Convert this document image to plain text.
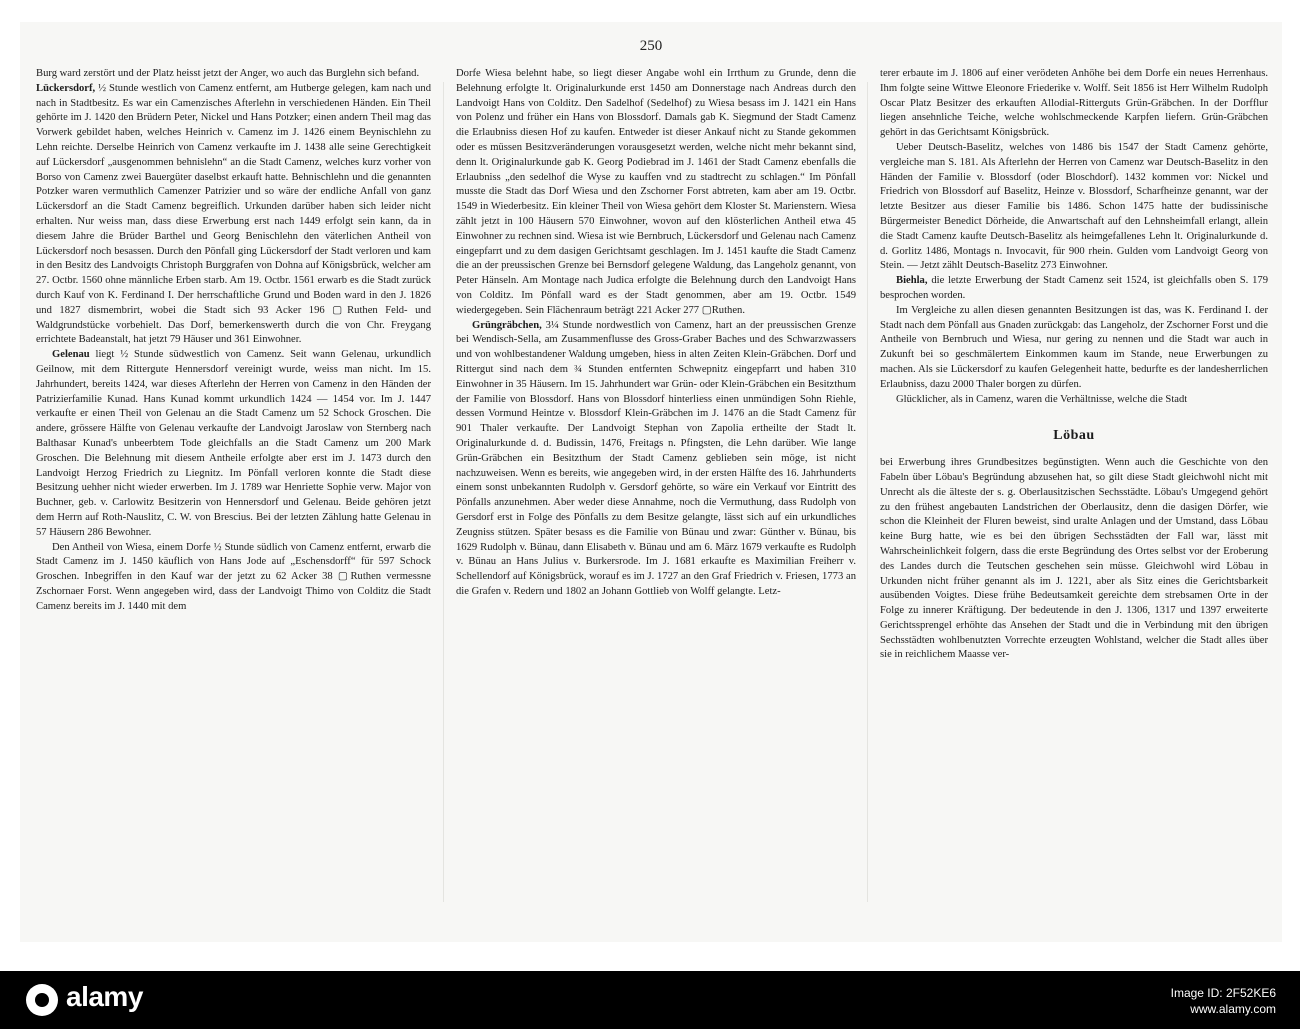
250

Burg ward zerstört und der Platz heisst jetzt der Anger, wo auch das Burglehn sich befand.

Lückersdorf, ½ Stunde westlich von Camenz entfernt, am Hutberge gelegen, kam nach und nach in Stadtbesitz. Es war ein Camenzisches Afterlehn in verschiedenen Händen. Ein Theil gehörte im J. 1420 den Brüdern Peter, Nickel und Hans Potzker; einen andern Theil mag das Vorwerk gebildet haben, welches Heinrich v. Camenz im J. 1426 einem Beynischlehn zu Lehn reichte. Derselbe Heinrich von Camenz verkaufte im J. 1438 alle seine Gerechtigkeit auf Lückersdorf „ausgenommen behnislehn“ an die Stadt Camenz, welches kurz vorher von Borso von Camenz zwei Bauergüter daselbst erkauft hatte. Behnischlehn und die genannten Potzker waren vermuthlich Camenzer Patrizier und so wäre der endliche Anfall von ganz Lückersdorf an die Stadt Camenz begreiflich. Urkunden darüber haben sich leider nicht erhalten. Nur weiss man, dass diese Erwerbung erst nach 1449 erfolgt sein kann, da in diesem Jahre die Brüder Barthel und Georg Benischlehn den väterlichen Antheil von Lückersdorf noch besassen. Durch den Pönfall ging Lückersdorf der Stadt verloren und kam in den Besitz des Landvoigts Christoph Burggrafen von Dohna auf Königsbrück, welcher am 27. Octbr. 1560 ohne männliche Erben starb. Am 19. Octbr. 1561 erwarb es die Stadt zurück durch Kauf von K. Ferdinand I. Der herrschaftliche Grund und Boden ward in den J. 1826 und 1827 dismembrirt, wobei die Stadt sich 93 Acker 196 ▢Ruthen Feld- und Waldgrundstücke vorbehielt. Das Dorf, bemerkenswerth durch die von Chr. Freygang errichtete Badeanstalt, hat jetzt 79 Häuser und 361 Einwohner.

Gelenau liegt ½ Stunde südwestlich von Camenz. Seit wann Gelenau, urkundlich Geilnow, mit dem Rittergute Hennersdorf vereinigt wurde, weiss man nicht. Im 15. Jahrhundert, bereits 1424, war dieses Afterlehn der Herren von Camenz in den Händen der Patrizierfamilie Kunad. Hans Kunad kommt urkundlich 1424 — 1454 vor. Im J. 1447 verkaufte er einen Theil von Gelenau an die Stadt Camenz um 52 Schock Groschen. Die andere, grössere Hälfte von Gelenau verkaufte der Landvoigt Jaroslaw von Sternberg nach Balthasar Kunad's unbeerbtem Tode gleichfalls an die Stadt Camenz um 200 Mark Groschen. Die Belehnung mit diesem Antheile erfolgte aber erst im J. 1473 durch den Landvoigt Herzog Friedrich zu Liegnitz. Im Pönfall verloren konnte die Stadt diese Besitzung uehher nicht wieder erwerben. Im J. 1789 war Henriette Sophie verw. Major von Buchner, geb. v. Carlowitz Besitzerin von Hennersdorf und Gelenau. Beide gehören jetzt dem Herrn auf Roth-Nauslitz, C. W. von Brescius. Bei der letzten Zählung hatte Gelenau in 57 Häusern 286 Bewohner.

Den Antheil von Wiesa, einem Dorfe ½ Stunde südlich von Camenz entfernt, erwarb die Stadt Camenz im J. 1450 käuflich von Hans Jode auf „Eschensdorff“ für 597 Schock Groschen. Inbegriffen in den Kauf war der jetzt zu 62 Acker 38 ▢Ruthen vermessne Zschornaer Forst. Wenn angegeben wird, dass der Landvoigt Thimo von Colditz die Stadt Camenz bereits im J. 1440 mit dem

Dorfe Wiesa belehnt habe, so liegt dieser Angabe wohl ein Irrthum zu Grunde, denn die Belehnung erfolgte lt. Originalurkunde erst 1450 am Donnerstage nach Andreas durch den Landvoigt Hans von Colditz. Den Sadelhof (Sedelhof) zu Wiesa besass im J. 1421 ein Hans von Polenz und früher ein Hans von Blossdorf. Damals gab K. Siegmund der Stadt Camenz die Erlaubniss diesen Hof zu kaufen. Entweder ist dieser Ankauf nicht zu Stande gekommen oder es müssen Besitzveränderungen vorausgesetzt werden, welche nicht mehr bekannt sind, denn lt. Originalurkunde gab K. Georg Podiebrad im J. 1461 der Stadt Camenz ebenfalls die Erlaubniss „den sedelhof die Wyse zu kauffen vnd zu stadtrecht zu schlagen.“ Im Pönfall musste die Stadt das Dorf Wiesa und den Zschorner Forst abtreten, kam aber am 19. Octbr. 1549 in Wiederbesitz. Ein kleiner Theil von Wiesa gehört dem Kloster St. Marienstern. Wiesa zählt jetzt in 100 Häusern 570 Einwohner, wovon auf den klösterlichen Antheil etwa 45 Einwohner zu rechnen sind. Wiesa ist wie Bernbruch, Lückersdorf und Gelenau nach Camenz eingepfarrt und zu dem dasigen Gerichtsamt geschlagen. Im J. 1451 kaufte die Stadt Camenz die an der preussischen Grenze bei Bernsdorf gelegene Waldung, das Langeholz genannt, von Peter Hänseln. Am Montage nach Judica erfolgte die Belehnung durch den Landvoigt Hans von Colditz. Im Pönfall ward es der Stadt genommen, aber am 19. Octbr. 1549 wiedergegeben. Sein Flächenraum beträgt 221 Acker 277 ▢Ruthen.

Grüngräbchen, 3¼ Stunde nordwestlich von Camenz, hart an der preussischen Grenze bei Wendisch-Sella, am Zusammenflusse des Gross-Graber Baches und des Schwarzwassers und von wohlbestandener Waldung umgeben, hiess in alten Zeiten Klein-Gräbchen. Dorf und Rittergut sind nach dem ¾ Stunden entfernten Schwepnitz eingepfarrt und haben 310 Einwohner in 35 Häusern. Im 15. Jahrhundert war Grün- oder Klein-Gräbchen ein Besitzthum der Familie von Blossdorf. Hans von Blossdorf hinterliess einen unmündigen Sohn Riehle, dessen Vormund Heintze v. Blossdorf Klein-Gräbchen im J. 1476 an die Stadt Camenz für 901 Thaler verkaufte. Der Landvoigt Stephan von Zapolia ertheilte der Stadt lt. Originalurkunde d. d. Budissin, 1476, Freitags n. Pfingsten, die Lehn darüber. Wie lange Grün-Gräbchen ein Besitzthum der Stadt Camenz geblieben sein möge, ist nicht nachzuweisen. Wenn es bereits, wie angegeben wird, in der ersten Hälfte des 16. Jahrhunderts einem sonst unbekannten Rudolph v. Gersdorf gehörte, so wäre ein Verkauf vor Eintritt des Pönfalls anzunehmen. Aber weder diese Annahme, noch die Vermuthung, dass Rudolph von Gersdorf erst in Folge des Pönfalls zu dem Besitze gelangte, lässt sich auf ein urkundliches Zeugniss stützen. Später besass es die Familie von Bünau und zwar: Günther v. Bünau, bis 1629 Rudolph v. Bünau, dann Elisabeth v. Bünau und am 6. März 1679 verkaufte es Rudolph v. Bünau an Hans Julius v. Burkersrode. Im J. 1681 erkaufte es Maximilian Freiherr v. Schellendorf auf Königsbrück, worauf es im J. 1727 an den Graf Friedrich v. Friesen, 1773 an die Grafen v. Redern und 1802 an Johann Gottlieb von Wolff gelangte. Letz-

terer erbaute im J. 1806 auf einer verödeten Anhöhe bei dem Dorfe ein neues Herrenhaus. Ihm folgte seine Wittwe Eleonore Friederike v. Wolff. Seit 1856 ist Herr Wilhelm Rudolph Oscar Platz Besitzer des erkauften Allodial-Ritterguts Grün-Gräbchen. In der Dorfflur liegen ansehnliche Teiche, welche wohlschmeckende Karpfen liefern. Grün-Gräbchen gehört in das Gerichtsamt Königsbrück.

Ueber Deutsch-Baselitz, welches von 1486 bis 1547 der Stadt Camenz gehörte, vergleiche man S. 181. Als Afterlehn der Herren von Camenz war Deutsch-Baselitz in den Händen der Familie v. Blossdorf (oder Bloschdorf). 1432 kommen vor: Nickel und Friedrich von Blossdorf auf Baselitz, Heinze v. Blossdorf, Scharfheinze genannt, war der letzte Besitzer aus dieser Familie bis 1486. Schon 1475 hatte der budissinische Bürgermeister Benedict Dörheide, die Anwartschaft auf den Lehnsheimfall erlangt, allein die Stadt Camenz kaufte Deutsch-Baselitz als heimgefallenes Lehn lt. Originalurkunde d. d. Gorlitz 1486, Montags n. Invocavit, für 900 rhein. Gulden vom Landvoigt Georg von Stein. — Jetzt zählt Deutsch-Baselitz 273 Einwohner.

Biehla, die letzte Erwerbung der Stadt Camenz seit 1524, ist gleichfalls oben S. 179 besprochen worden.

Im Vergleiche zu allen diesen genannten Besitzungen ist das, was K. Ferdinand I. der Stadt nach dem Pönfall aus Gnaden zurückgab: das Langeholz, der Zschorner Forst und die Antheile von Bernbruch und Wiesa, nur gering zu nennen und die Stadt war auch in Zukunft bei so geschmälertem Einkommen kaum im Stande, neue Erwerbungen zu machen. Als sie Lückersdorf zu kaufen Gelegenheit hatte, bedurfte es der landesherrlichen Erlaubniss, dazu 2000 Thaler borgen zu dürfen.

Glücklicher, als in Camenz, waren die Verhältnisse, welche die Stadt

Löbau

bei Erwerbung ihres Grundbesitzes begünstigten. Wenn auch die Geschichte von den Fabeln über Löbau's Begründung abzusehen hat, so gilt diese Stadt gleichwohl nicht mit Unrecht als die älteste der s. g. Oberlausitzischen Sechsstädte. Löbau's Umgegend gehört zu den frühest angebauten Landstrichen der Oberlausitz, denn die dasigen Dörfer, wie schon die Kleinheit der Fluren beweist, sind uralte Anlagen und der Umstand, dass Löbau keine Burg hatte, wie es bei den übrigen Sechsstädten der Fall war, lässt mit Wahrscheinlichkeit folgern, dass die erste Begründung des Ortes selbst vor der Eroberung des Landes durch die Teutschen geschehen sein müsse. Gleichwohl wird Löbau in Urkunden nicht früher genannt als im J. 1221, aber als Sitz eines die Gerichtsbarkeit ausübenden Voigtes. Diese frühe Bedeutsamkeit gereichte dem strebsamen Orte in der Folge zu innerer Kräftigung. Der bedeutende in den J. 1306, 1317 und 1397 erweiterte Gerichtssprengel erhöhte das Ansehen der Stadt und die in Verbindung mit den übrigen Sechsstädten wohlbenutzten Vorrechte erzeugten Wohlstand, welcher die Stadt alles über sie in reichlichem Maasse ver-

alamy	Image ID: 2F52KE6
www.alamy.com
